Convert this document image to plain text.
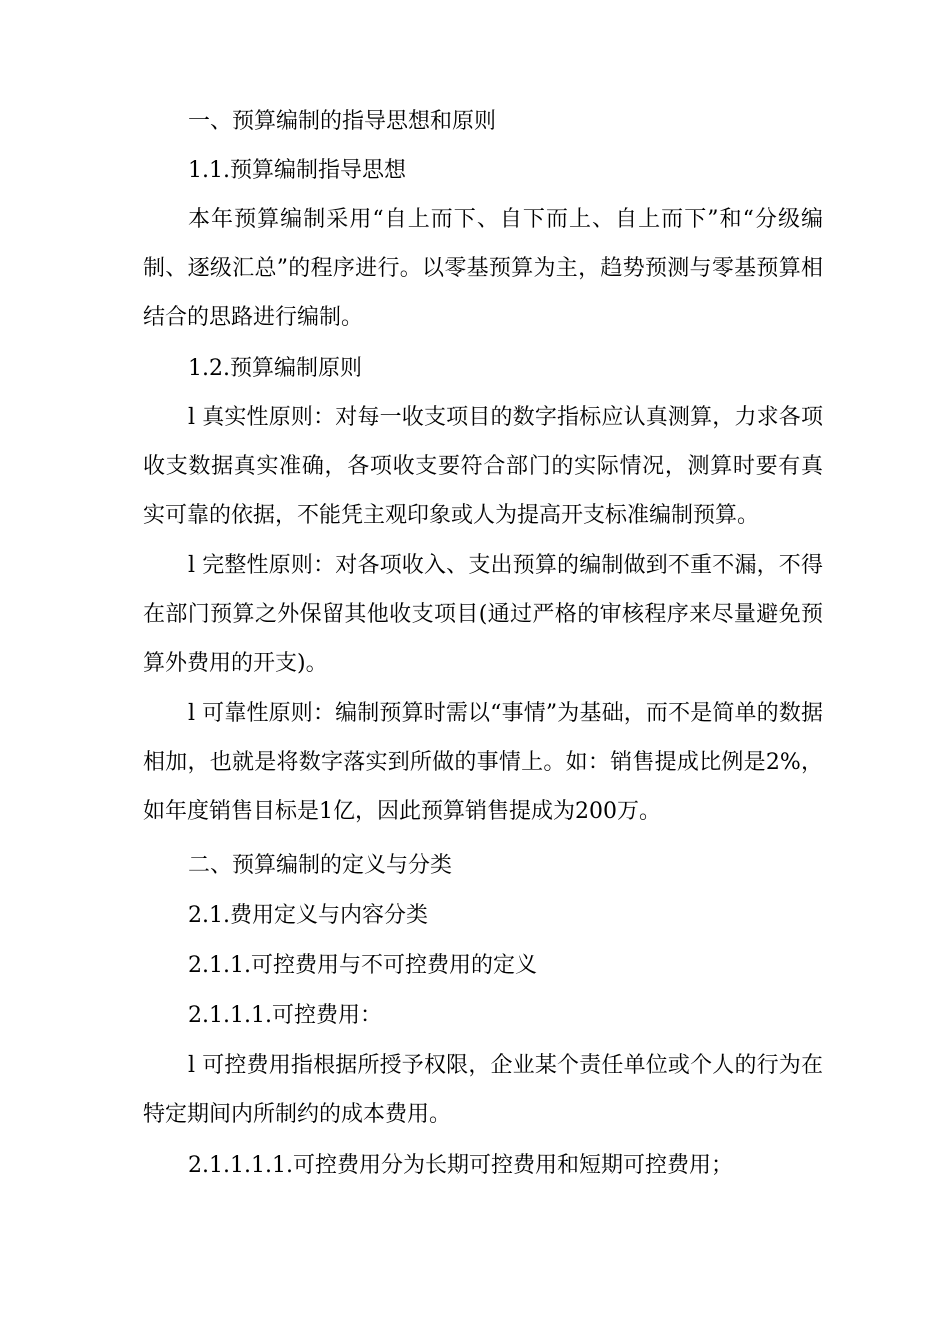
一、预算编制的指导思想和原则

1.1.预算编制指导思想

本年预算编制采用“自上而下、自下而上、自上而下”和“分级编制、逐级汇总”的程序进行。以零基预算为主，趋势预测与零基预算相结合的思路进行编制。

1.2.预算编制原则

l 真实性原则：对每一收支项目的数字指标应认真测算，力求各项收支数据真实准确，各项收支要符合部门的实际情况，测算时要有真实可靠的依据，不能凭主观印象或人为提高开支标准编制预算。

l 完整性原则：对各项收入、支出预算的编制做到不重不漏，不得在部门预算之外保留其他收支项目(通过严格的审核程序来尽量避免预算外费用的开支)。

l 可靠性原则：编制预算时需以“事情”为基础，而不是简单的数据相加，也就是将数字落实到所做的事情上。如：销售提成比例是2%，如年度销售目标是1亿，因此预算销售提成为200万。

二、预算编制的定义与分类

2.1.费用定义与内容分类

2.1.1.可控费用与不可控费用的定义

2.1.1.1.可控费用：

l 可控费用指根据所授予权限，企业某个责任单位或个人的行为在特定期间内所制约的成本费用。

2.1.1.1.1.可控费用分为长期可控费用和短期可控费用；
